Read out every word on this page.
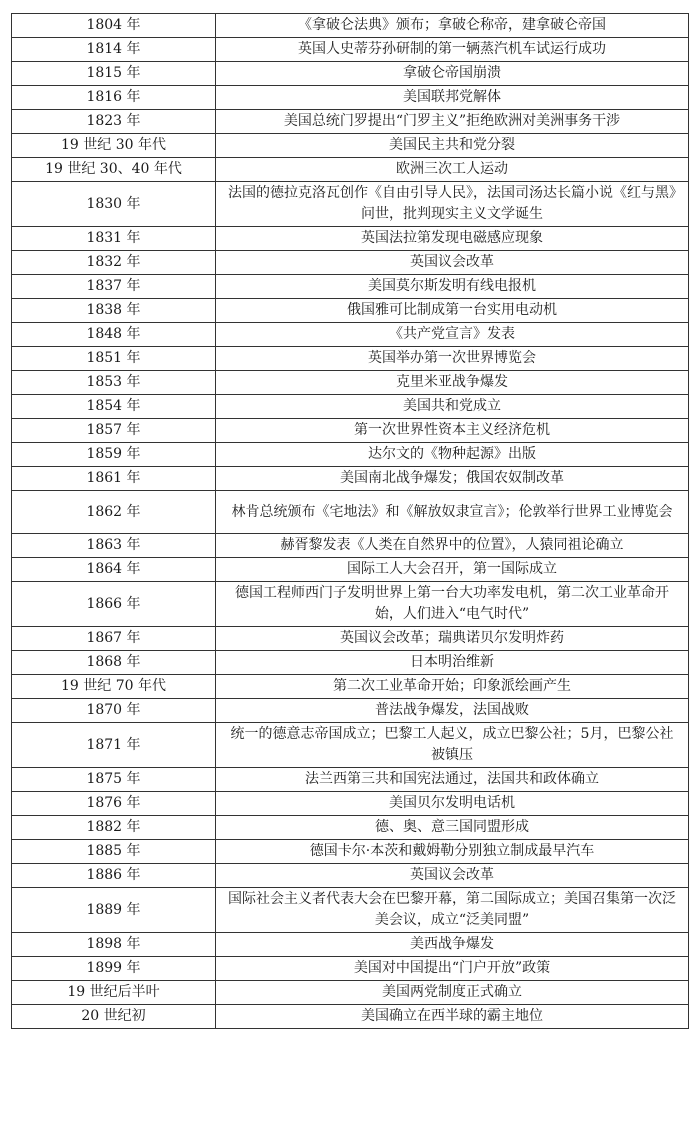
1804 年	《拿破仑法典》颁布；拿破仑称帝，建拿破仑帝国
1814 年	英国人史蒂芬孙研制的第一辆蒸汽机车试运行成功
1815 年	拿破仑帝国崩溃
1816 年	美国联邦党解体
1823 年	美国总统门罗提出“门罗主义”拒绝欧洲对美洲事务干涉
19 世纪 30 年代	美国民主共和党分裂
19 世纪 30、40 年代	欧洲三次工人运动
1830 年	法国的德拉克洛瓦创作《自由引导人民》，法国司汤达长篇小说《红与黑》问世，批判现实主义文学诞生
1831 年	英国法拉第发现电磁感应现象
1832 年	英国议会改革
1837 年	美国莫尔斯发明有线电报机
1838 年	俄国雅可比制成第一台实用电动机
1848 年	《共产党宣言》发表
1851 年	英国举办第一次世界博览会
1853 年	克里米亚战争爆发
1854 年	美国共和党成立
1857 年	第一次世界性资本主义经济危机
1859 年	达尔文的《物种起源》出版
1861 年	美国南北战争爆发；俄国农奴制改革
1862 年	林肯总统颁布《宅地法》和《解放奴隶宣言》；伦敦举行世界工业博览会
1863 年	赫胥黎发表《人类在自然界中的位置》，人猿同祖论确立
1864 年	国际工人大会召开，第一国际成立
1866 年	德国工程师西门子发明世界上第一台大功率发电机，第二次工业革命开始，人们进入“电气时代”
1867 年	英国议会改革；瑞典诺贝尔发明炸药
1868 年	日本明治维新
19 世纪 70 年代	第二次工业革命开始；印象派绘画产生
1870 年	普法战争爆发，法国战败
1871 年	统一的德意志帝国成立；巴黎工人起义，成立巴黎公社；5月，巴黎公社被镇压
1875 年	法兰西第三共和国宪法通过，法国共和政体确立
1876 年	美国贝尔发明电话机
1882 年	德、奥、意三国同盟形成
1885 年	德国卡尔·本茨和戴姆勒分别独立制成最早汽车
1886 年	英国议会改革
1889 年	国际社会主义者代表大会在巴黎开幕，第二国际成立；美国召集第一次泛美会议，成立“泛美同盟”
1898 年	美西战争爆发
1899 年	美国对中国提出“门户开放”政策
19 世纪后半叶	美国两党制度正式确立
20 世纪初	美国确立在西半球的霸主地位
